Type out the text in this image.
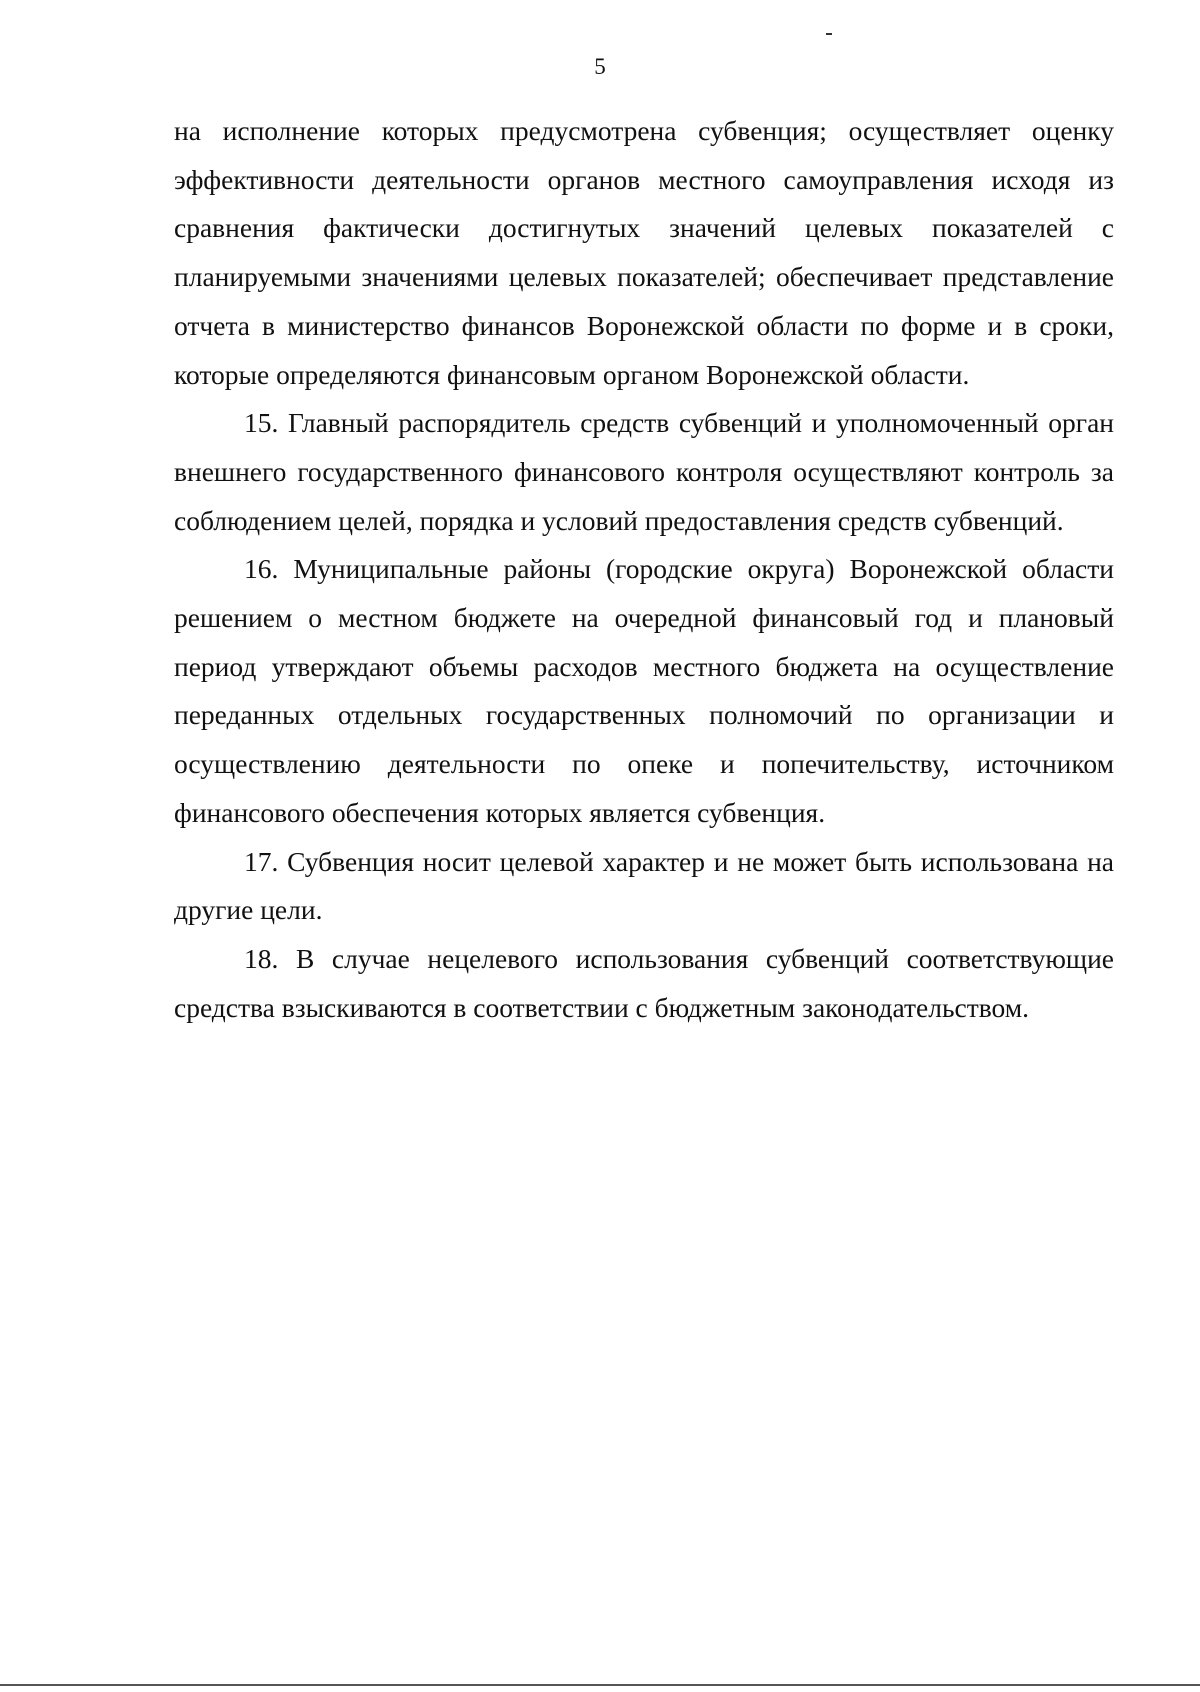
5

на исполнение которых предусмотрена субвенция; осуществляет оценку эффективности деятельности органов местного самоуправления исходя из сравнения фактически достигнутых значений целевых показателей с планируемыми значениями целевых показателей; обеспечивает представление отчета в министерство финансов Воронежской области по форме и в сроки, которые определяются финансовым органом Воронежской области.

15. Главный распорядитель средств субвенций и уполномоченный орган внешнего государственного финансового контроля осуществляют контроль за соблюдением целей, порядка и условий предоставления средств субвенций.

16. Муниципальные районы (городские округа) Воронежской области решением о местном бюджете на очередной финансовый год и плановый период утверждают объемы расходов местного бюджета на осуществление переданных отдельных государственных полномочий по организации и осуществлению деятельности по опеке и попечительству, источником финансового обеспечения которых является субвенция.

17. Субвенция носит целевой характер и не может быть использована на другие цели.

18. В случае нецелевого использования субвенций соответствующие средства взыскиваются в соответствии с бюджетным законодательством.
